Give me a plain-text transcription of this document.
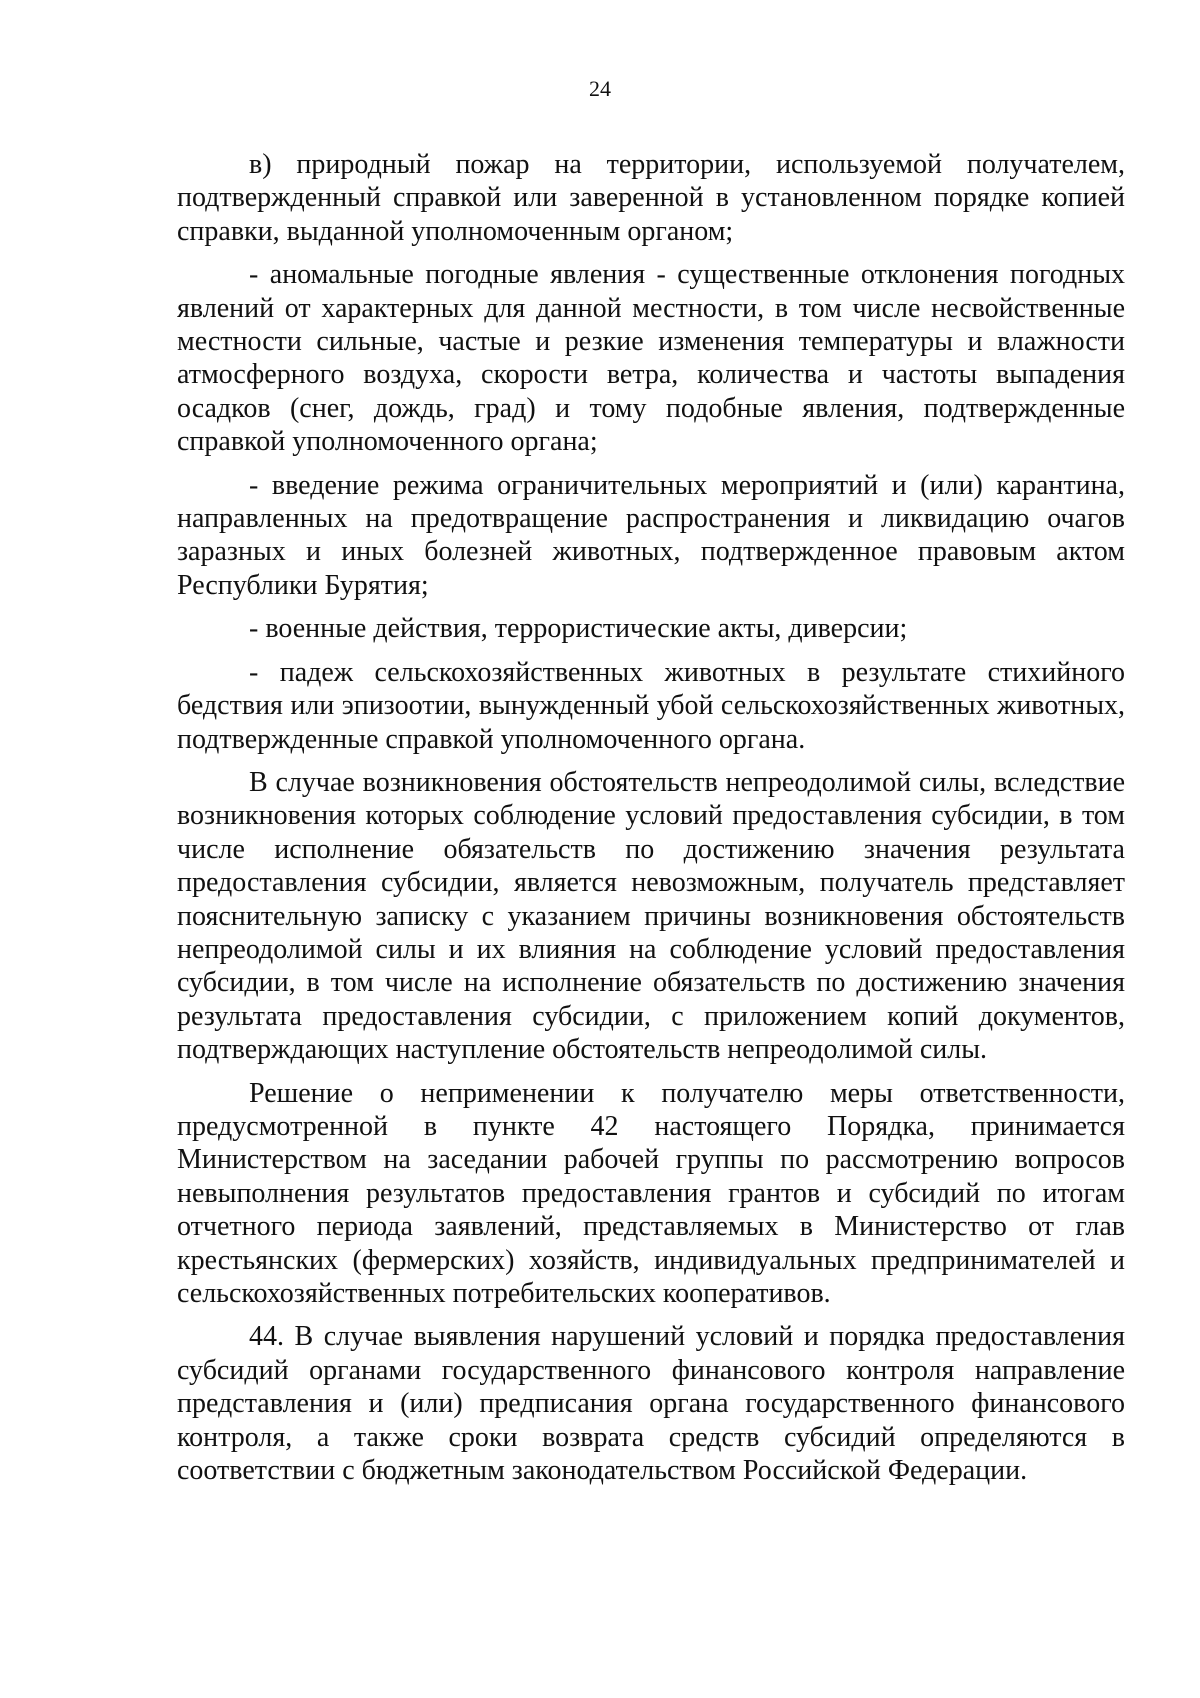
24

в) природный пожар на территории, используемой получателем, подтвержденный справкой или заверенной в установленном порядке копией справки, выданной уполномоченным органом;

- аномальные погодные явления - существенные отклонения погодных явлений от характерных для данной местности, в том числе несвойственные местности сильные, частые и резкие изменения температуры и влажности атмосферного воздуха, скорости ветра, количества и частоты выпадения осадков (снег, дождь, град) и тому подобные явления, подтвержденные справкой уполномоченного органа;

- введение режима ограничительных мероприятий и (или) карантина, направленных на предотвращение распространения и ликвидацию очагов заразных и иных болезней животных, подтвержденное правовым актом Республики Бурятия;

- военные действия, террористические акты, диверсии;

- падеж сельскохозяйственных животных в результате стихийного бедствия или эпизоотии, вынужденный убой сельскохозяйственных животных, подтвержденные справкой уполномоченного органа.

В случае возникновения обстоятельств непреодолимой силы, вследствие возникновения которых соблюдение условий предоставления субсидии, в том числе исполнение обязательств по достижению значения результата предоставления субсидии, является невозможным, получатель представляет пояснительную записку с указанием причины возникновения обстоятельств непреодолимой силы и их влияния на соблюдение условий предоставления субсидии, в том числе на исполнение обязательств по достижению значения результата предоставления субсидии, с приложением копий документов, подтверждающих наступление обстоятельств непреодолимой силы.

Решение о неприменении к получателю меры ответственности, предусмотренной в пункте 42 настоящего Порядка, принимается Министерством на заседании рабочей группы по рассмотрению вопросов невыполнения результатов предоставления грантов и субсидий по итогам отчетного периода заявлений, представляемых в Министерство от глав крестьянских (фермерских) хозяйств, индивидуальных предпринимателей и сельскохозяйственных потребительских кооперативов.

44. В случае выявления нарушений условий и порядка предоставления субсидий органами государственного финансового контроля направление представления и (или) предписания органа государственного финансового контроля, а также сроки возврата средств субсидий определяются в соответствии с бюджетным законодательством Российской Федерации.
